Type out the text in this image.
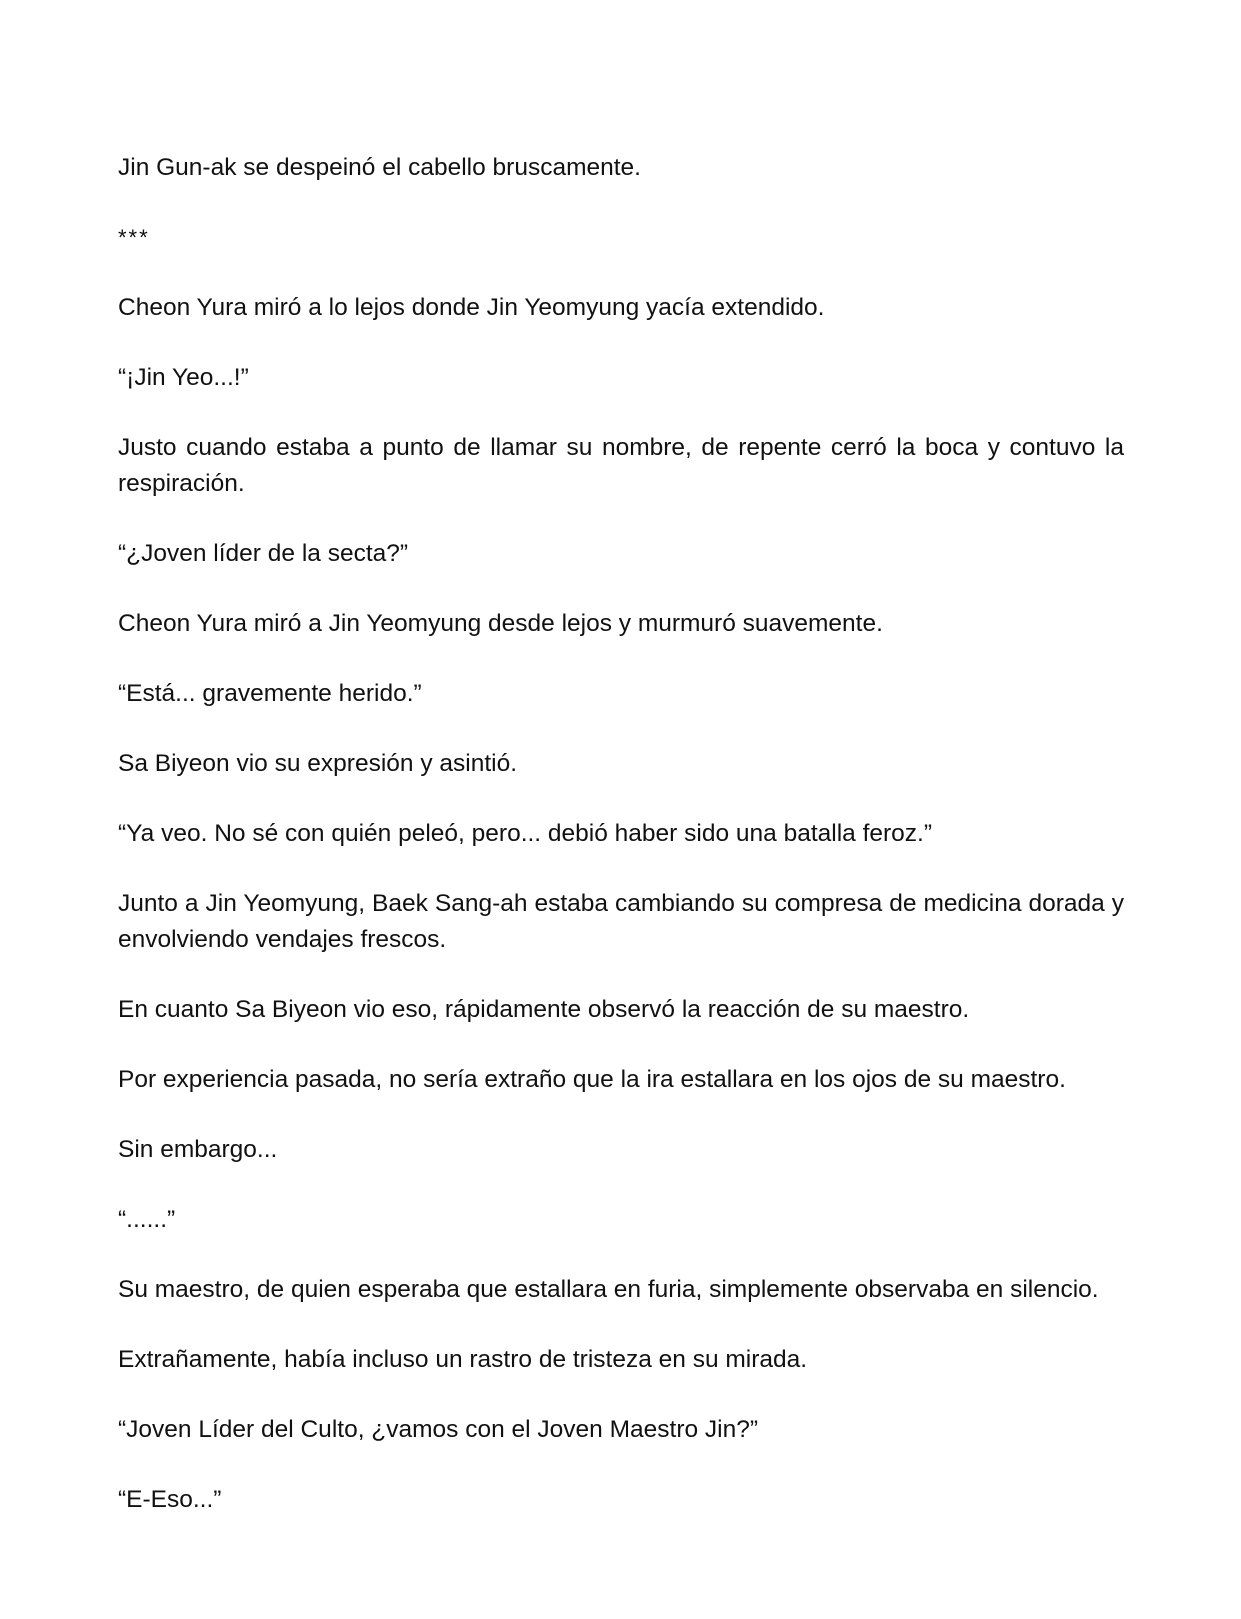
Jin Gun-ak se despeinó el cabello bruscamente.

***

Cheon Yura miró a lo lejos donde Jin Yeomyung yacía extendido.

“¡Jin Yeo...!”

Justo cuando estaba a punto de llamar su nombre, de repente cerró la boca y contuvo la respiración.

“¿Joven líder de la secta?”

Cheon Yura miró a Jin Yeomyung desde lejos y murmuró suavemente.

“Está... gravemente herido.”

Sa Biyeon vio su expresión y asintió.

“Ya veo. No sé con quién peleó, pero... debió haber sido una batalla feroz.”

Junto a Jin Yeomyung, Baek Sang-ah estaba cambiando su compresa de medicina dorada y envolviendo vendajes frescos.

En cuanto Sa Biyeon vio eso, rápidamente observó la reacción de su maestro.

Por experiencia pasada, no sería extraño que la ira estallara en los ojos de su maestro.

Sin embargo...

“......”

Su maestro, de quien esperaba que estallara en furia, simplemente observaba en silencio.

Extrañamente, había incluso un rastro de tristeza en su mirada.

“Joven Líder del Culto, ¿vamos con el Joven Maestro Jin?”

“E-Eso...”
